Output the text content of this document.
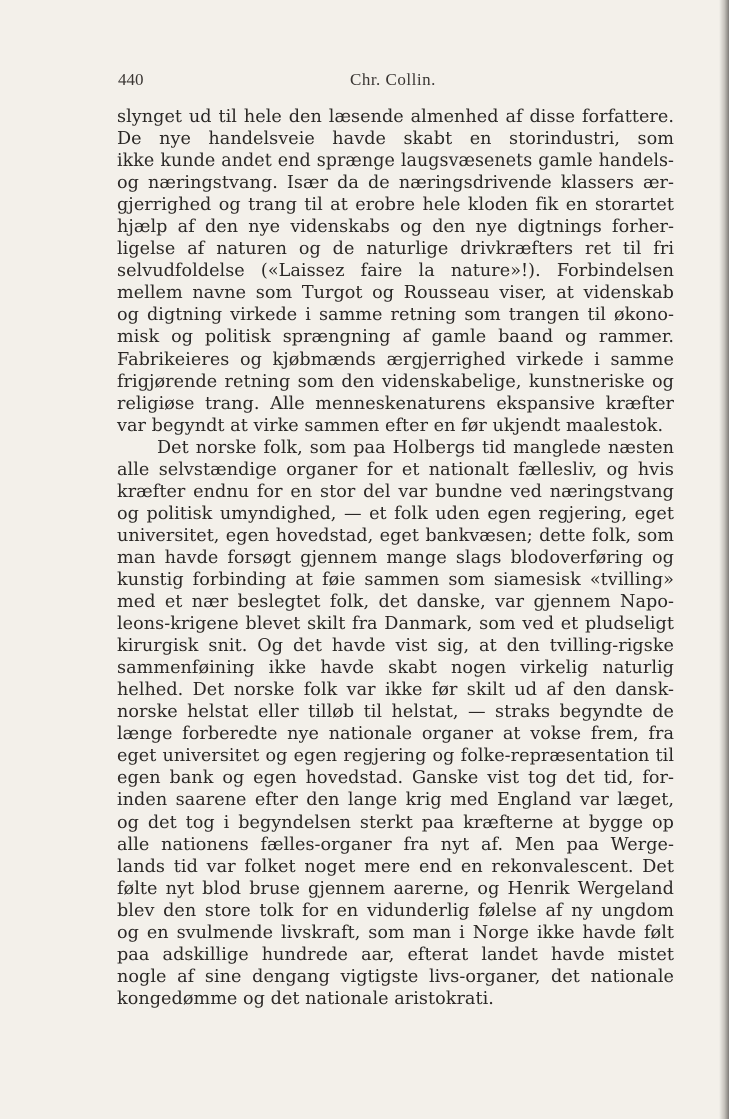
440	Chr. Collin.
slynget ud til hele den læsende almenhed af disse forfattere.
De nye handelsveie havde skabt en storindustri, som
ikke kunde andet end sprænge laugsvæsenets gamle handels-
og næringstvang. Især da de næringsdrivende klassers ær-
gjerrighed og trang til at erobre hele kloden fik en storartet
hjælp af den nye videnskabs og den nye digtnings forher-
ligelse af naturen og de naturlige drivkræfters ret til fri
selvudfoldelse («Laissez faire la nature»!). Forbindelsen
mellem navne som Turgot og Rousseau viser, at videnskab
og digtning virkede i samme retning som trangen til økono-
misk og politisk sprængning af gamle baand og rammer.
Fabrikeieres og kjøbmænds ærgjerrighed virkede i samme
frigjørende retning som den videnskabelige, kunstneriske og
religiøse trang. Alle menneskenaturens ekspansive kræfter
var begyndt at virke sammen efter en før ukjendt maalestok.
Det norske folk, som paa Holbergs tid manglede næsten
alle selvstændige organer for et nationalt fællesliv, og hvis
kræfter endnu for en stor del var bundne ved næringstvang
og politisk umyndighed, — et folk uden egen regjering, eget
universitet, egen hovedstad, eget bankvæsen; dette folk, som
man havde forsøgt gjennem mange slags blodoverføring og
kunstig forbinding at føie sammen som siamesisk «tvilling»
med et nær beslegtet folk, det danske, var gjennem Napo-
leons-krigene blevet skilt fra Danmark, som ved et pludseligt
kirurgisk snit. Og det havde vist sig, at den tvilling-rigske
sammenføining ikke havde skabt nogen virkelig naturlig
helhed. Det norske folk var ikke før skilt ud af den dansk-
norske helstat eller tilløb til helstat, — straks begyndte de
længe forberedte nye nationale organer at vokse frem, fra
eget universitet og egen regjering og folke-repræsentation til
egen bank og egen hovedstad. Ganske vist tog det tid, for-
inden saarene efter den lange krig med England var læget,
og det tog i begyndelsen sterkt paa kræfterne at bygge op
alle nationens fælles-organer fra nyt af. Men paa Werge-
lands tid var folket noget mere end en rekonvalescent. Det
følte nyt blod bruse gjennem aarerne, og Henrik Wergeland
blev den store tolk for en vidunderlig følelse af ny ungdom
og en svulmende livskraft, som man i Norge ikke havde følt
paa adskillige hundrede aar, efterat landet havde mistet
nogle af sine dengang vigtigste livs-organer, det nationale
kongedømme og det nationale aristokrati.
